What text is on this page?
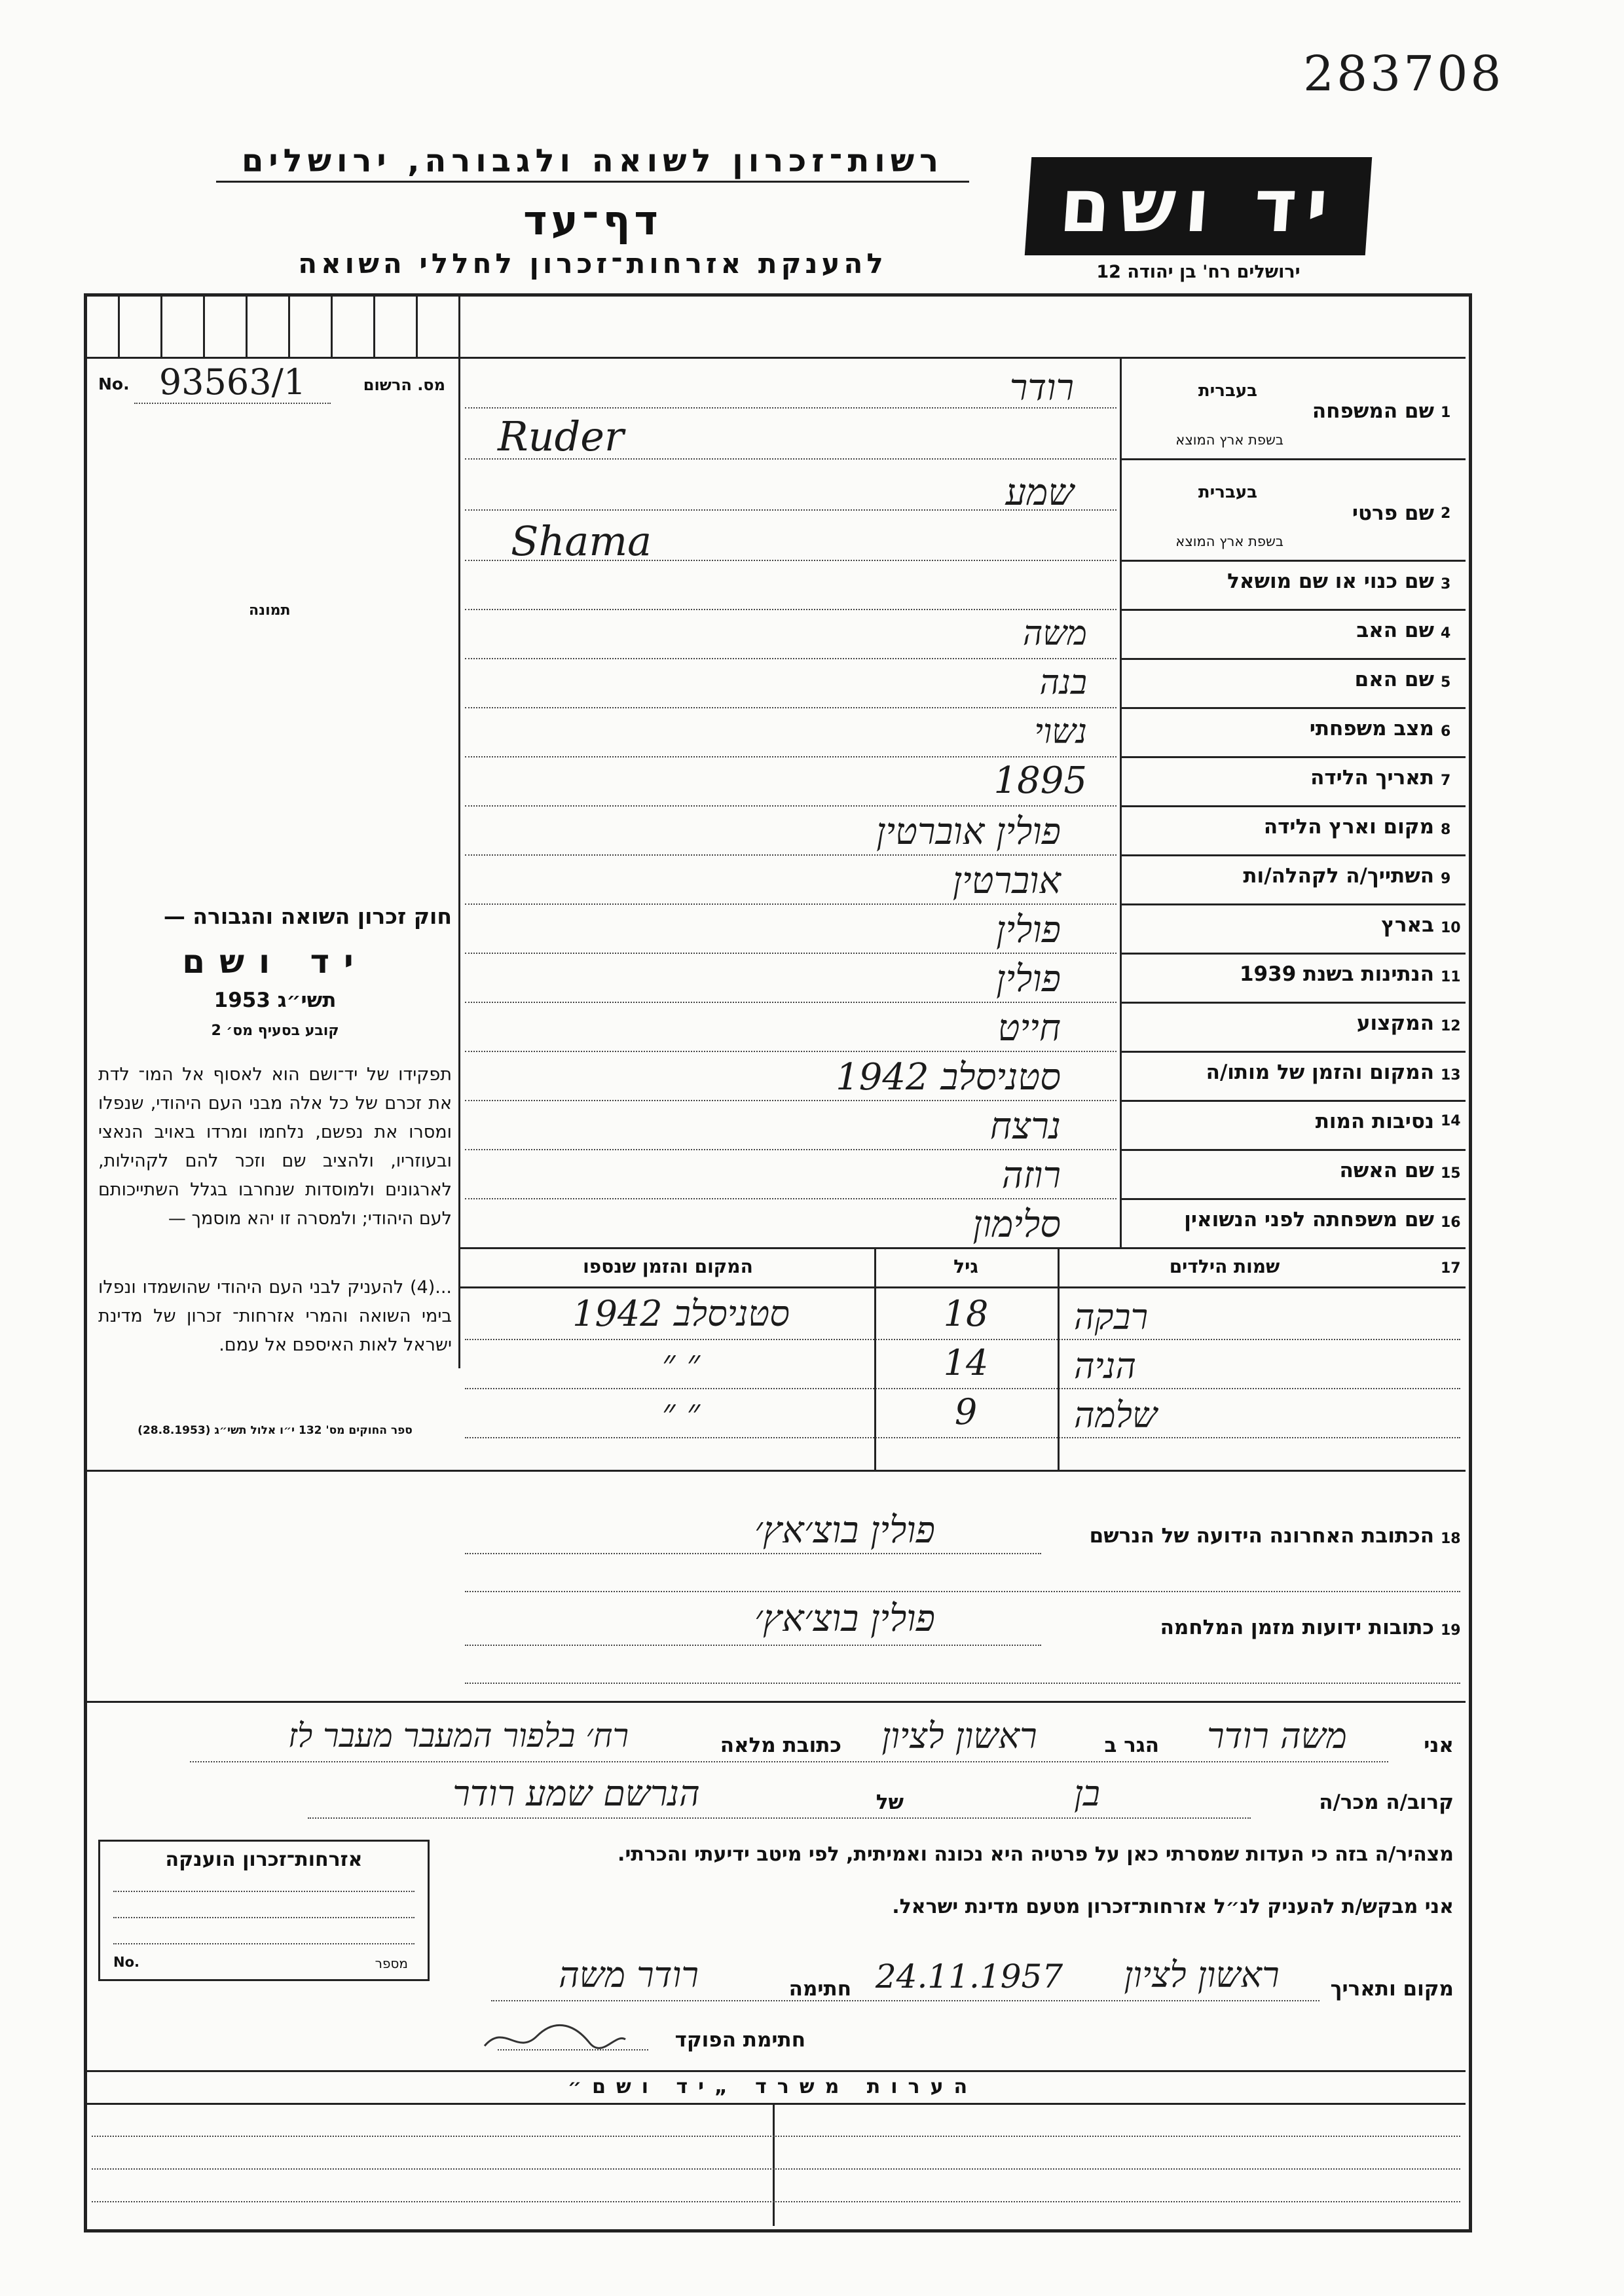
283708
רשות־זכרון לשואה ולגבורה, ירושלים
דף־עד
להענקת אזרחות־זכרון לחללי השואה
יד ושם
ירושלים רח' בן יהודה 12
No. 93563/1	מס. הרשום
תמונה
חוק זכרון השואה והגבורה —
יד ושם
תשי״ג 1953
קובע בסעיף מס׳ 2
תפקידו של יד־ושם הוא לאסוף אל המו־ לדת את זכרם של כל אלה מבני העם היהודי, שנפלו ומסרו את נפשם, נלחמו ומרדו באויב הנאצי ובעוזריו, ולהציב שם וזכר להם לקהילות, לארגונים ולמוסדות שנחרבו בגלל השתייכותם לעם היהודי; ולמסרה זו יהא מוסמך —
...(4) להעניק לבני העם היהודי שהושמדו ונפלו בימי השואה והמרי אזרחות־ זכרון של מדינת ישראל לאות האיספם אל עמם.
ספר החוקים מס' 132 י״ו אלול תשי״ג (28.8.1953)
1
שם המשפחה
בעברית
בשפת ארץ המוצא
רודר
Ruder
2
שם פרטי
בעברית
בשפת ארץ המוצא
שמע
Shama
3
שם כנוי או שם מושאל
4
שם האב
משה
5
שם האם
בנה
6
מצב משפחתי
נשוי
7
תאריך הלידה
1895
8
מקום וארץ הלידה
פולין אוברטין
9
השתייך/ה לקהלה/ות
אוברטין
10
בארץ
פולין
11
הנתינות בשנת 1939
פולין
12
המקצוע
חייט
13
המקום והזמן של מותו/ה
סטניסלב 1942
14
נסיבות המות
נרצח
15
שם האשה
רוזה
16
שם משפחתה לפני הנשואין
סלימון
17
שמות הילדים
גיל
המקום והזמן שנספו
רבקה
18
סטניסלב 1942
הניה
14
״ ״
שלמה
9
״ ״
18
הכתובת האחרונה הידועה של הנרשם
פולין בוצ׳אץ׳
19
כתובות ידועות מזמן המלחמה
פולין בוצ׳אץ׳
אני
משה רודר
הגר ב
ראשון לציון
כתובת מלאה
רח׳ בלפור המעבר מעבר לז
קרוב/ה מכר/ה
בן
של
הנרשם שמע רודר
מצהיר/ה בזה כי העדות שמסרתי כאן על פרטיה היא נכונה ואמיתית, לפי מיטב ידיעתי והכרתי.
אני מבקש/ת להעניק לנ״ל אזרחות־זכרון מטעם מדינת ישראל.
מקום ותאריך
ראשון לציון
24.11.1957
חתימה
רודר משה
חתימת הפוקד
אזרחות־זכרון הוענקה
No.	מספר
הערות משרד „יד ושם״
